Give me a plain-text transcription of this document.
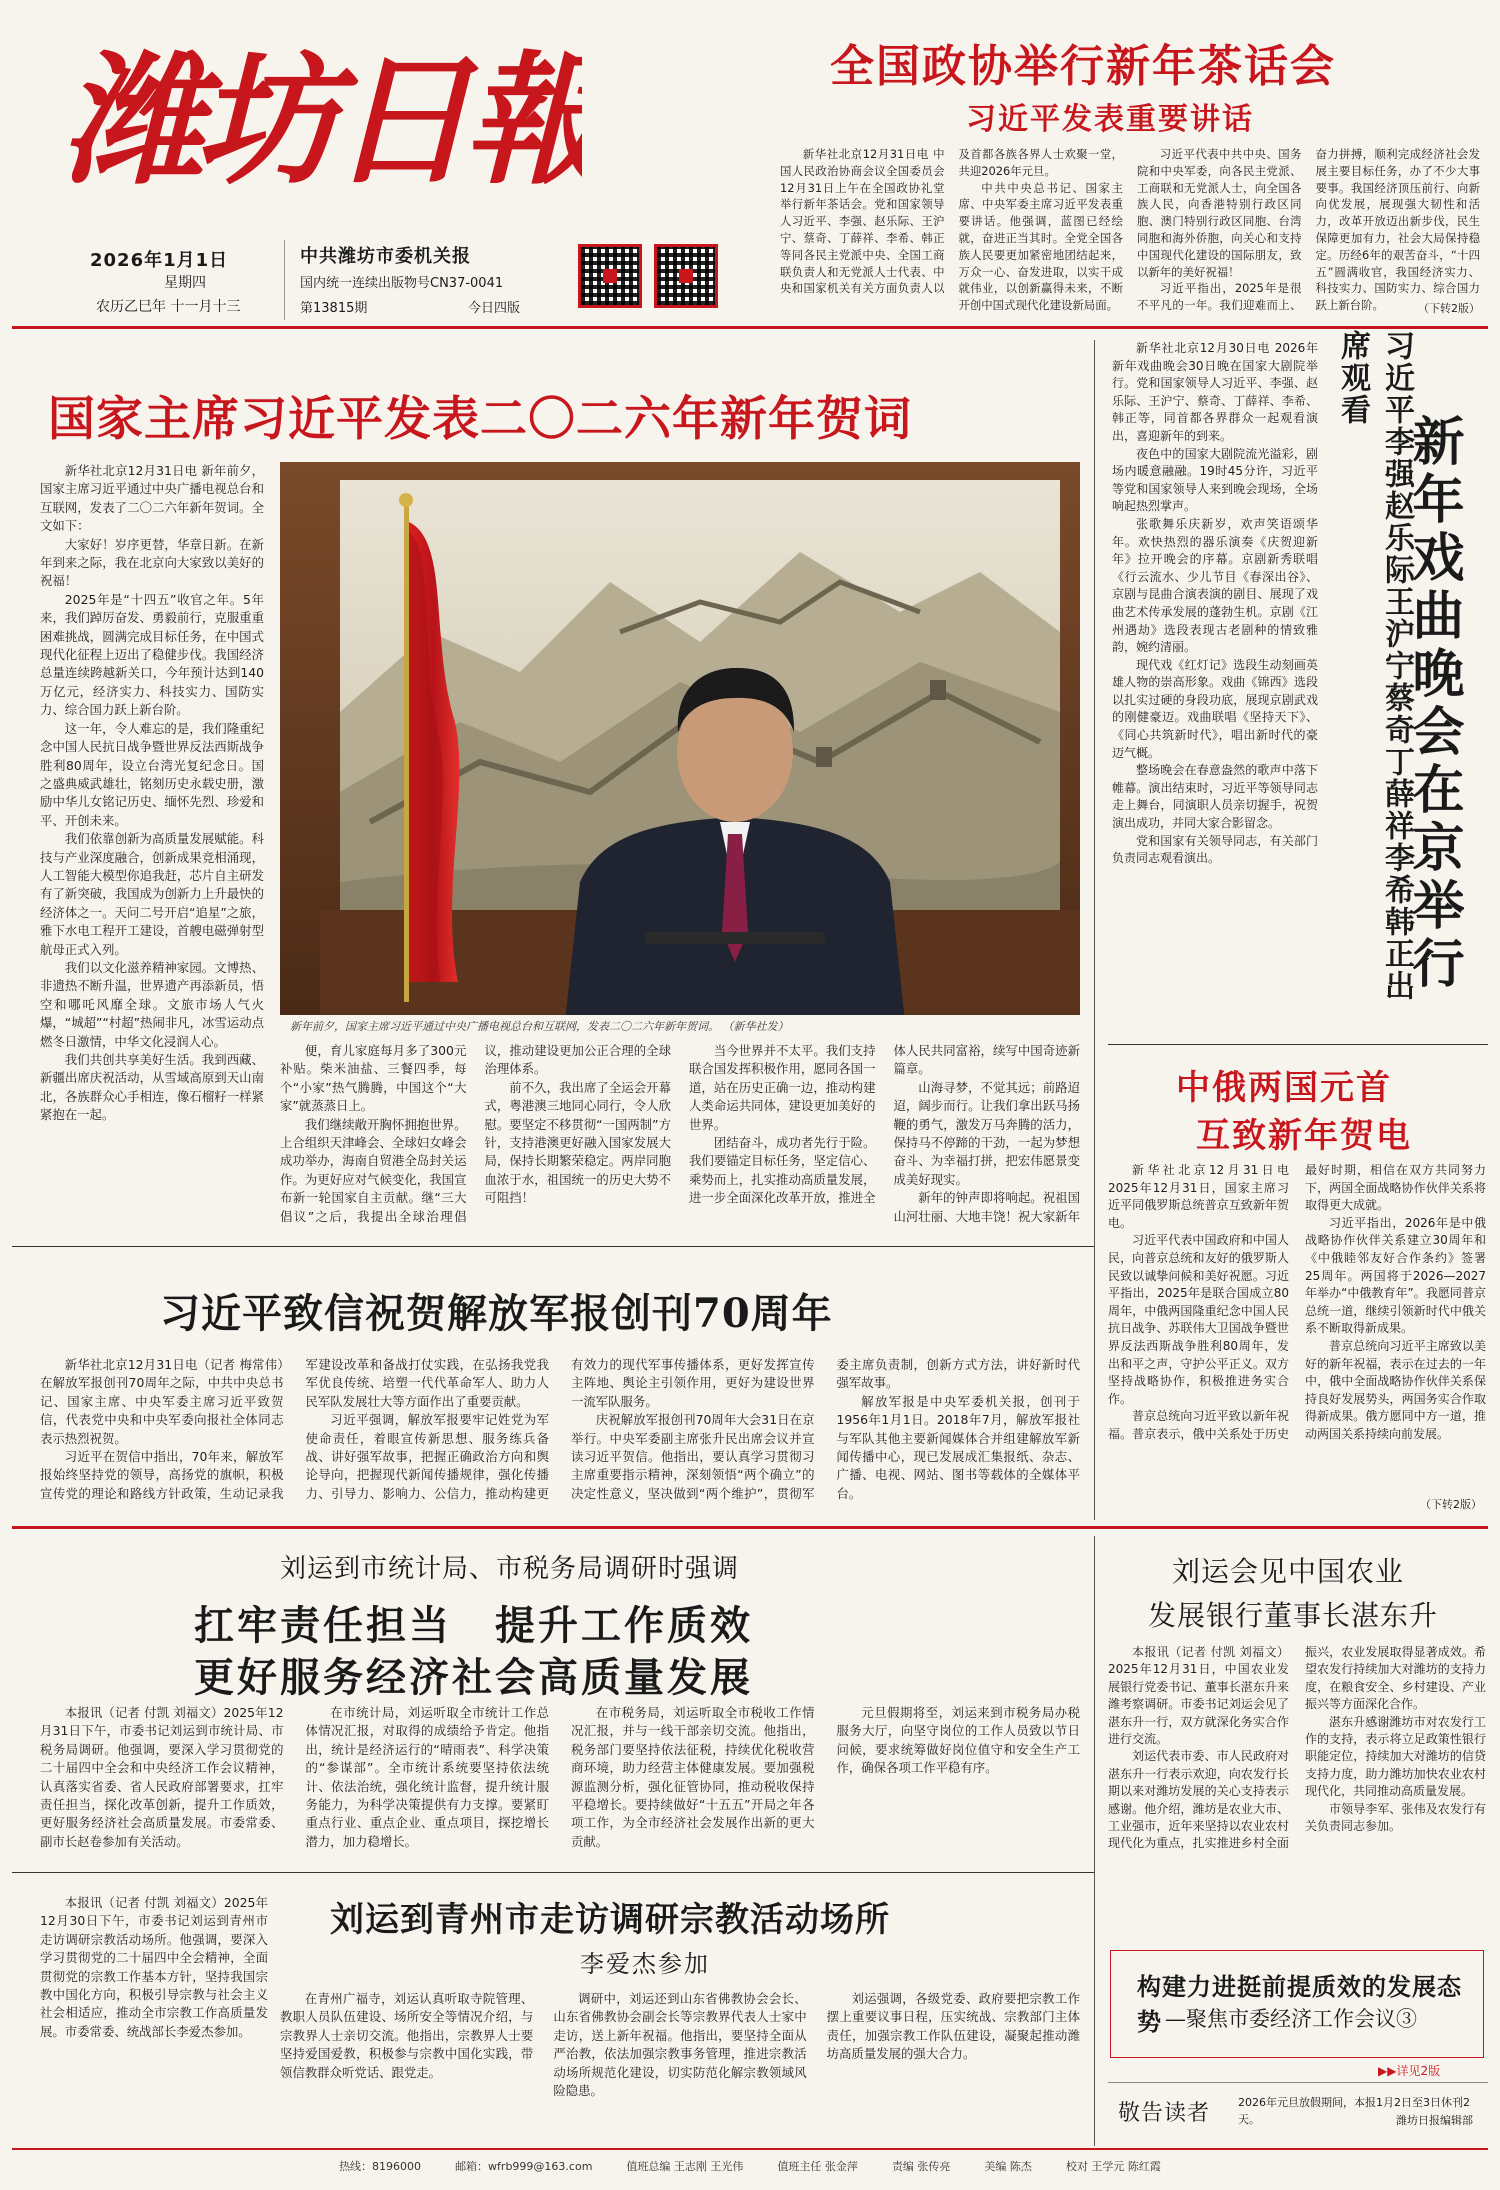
潍坊日報
2026年1月1日
星期四
农历乙巳年 十一月十三
中共潍坊市委机关报
国内统一连续出版物号CN37-0041
第13815期	今日四版
全国政协举行新年茶话会
习近平发表重要讲话

新华社北京12月31日电 中国人民政治协商会议全国委员会12月31日上午在全国政协礼堂举行新年茶话会。党和国家领导人习近平、李强、赵乐际、王沪宁、蔡奇、丁薛祥、李希、韩正等同各民主党派中央、全国工商联负责人和无党派人士代表、中央和国家机关有关方面负责人以及首都各族各界人士欢聚一堂，共迎2026年元旦。

中共中央总书记、国家主席、中央军委主席习近平发表重要讲话。他强调，蓝图已经绘就，奋进正当其时。全党全国各族人民要更加紧密地团结起来，万众一心、奋发进取，以实干成就伟业，以创新赢得未来，不断开创中国式现代化建设新局面。

习近平代表中共中央、国务院和中央军委，向各民主党派、工商联和无党派人士，向全国各族人民，向香港特别行政区同胞、澳门特别行政区同胞、台湾同胞和海外侨胞，向关心和支持中国现代化建设的国际朋友，致以新年的美好祝福！

习近平指出，2025年是很不平凡的一年。我们迎难而上、奋力拼搏，顺利完成经济社会发展主要目标任务，办了不少大事要事。我国经济顶压前行、向新向优发展，展现强大韧性和活力，改革开放迈出新步伐，民生保障更加有力，社会大局保持稳定。历经6年的艰苦奋斗，“十四五”圆满收官，我国经济实力、科技实力、国防实力、综合国力跃上新台阶。	（下转2版）
国家主席习近平发表二〇二六年新年贺词

新华社北京12月31日电 新年前夕，国家主席习近平通过中央广播电视总台和互联网，发表了二〇二六年新年贺词。全文如下：

大家好！岁序更替，华章日新。在新年到来之际，我在北京向大家致以美好的祝福！

2025年是“十四五”收官之年。5年来，我们踔厉奋发、勇毅前行，克服重重困难挑战，圆满完成目标任务，在中国式现代化征程上迈出了稳健步伐。我国经济总量连续跨越新关口，今年预计达到140万亿元，经济实力、科技实力、国防实力、综合国力跃上新台阶。

这一年，令人难忘的是，我们隆重纪念中国人民抗日战争暨世界反法西斯战争胜利80周年，设立台湾光复纪念日。国之盛典威武雄壮，铭刻历史永载史册，激励中华儿女铭记历史、缅怀先烈、珍爱和平、开创未来。

我们依靠创新为高质量发展赋能。科技与产业深度融合，创新成果竞相涌现，人工智能大模型你追我赶，芯片自主研发有了新突破，我国成为创新力上升最快的经济体之一。天问二号开启“追星”之旅，雅下水电工程开工建设，首艘电磁弹射型航母正式入列。

我们以文化滋养精神家园。文博热、非遗热不断升温，世界遗产再添新员，悟空和哪吒风靡全球。文旅市场人气火爆，“城超”“村超”热闹非凡，冰雪运动点燃冬日激情，中华文化浸润人心。

我们共创共享美好生活。我到西藏、新疆出席庆祝活动，从雪域高原到天山南北，各族群众心手相连，像石榴籽一样紧紧抱在一起。

新年前夕，国家主席习近平通过中央广播电视总台和互联网，发表二〇二六年新年贺词。 （新华社发）

便，育儿家庭每月多了300元补贴。柴米油盐、三餐四季，每个“小家”热气腾腾，中国这个“大家”就蒸蒸日上。

我们继续敞开胸怀拥抱世界。上合组织天津峰会、全球妇女峰会成功举办，海南自贸港全岛封关运作。为更好应对气候变化，我国宣布新一轮国家自主贡献。继“三大倡议”之后，我提出全球治理倡议，推动建设更加公正合理的全球治理体系。

前不久，我出席了全运会开幕式，粤港澳三地同心同行，令人欣慰。要坚定不移贯彻“一国两制”方针，支持港澳更好融入国家发展大局，保持长期繁荣稳定。两岸同胞血浓于水，祖国统一的历史大势不可阻挡！

当今世界并不太平。我们支持联合国发挥积极作用，愿同各国一道，站在历史正确一边，推动构建人类命运共同体，建设更加美好的世界。

团结奋斗，成功者先行于险。我们要锚定目标任务，坚定信心、乘势而上，扎实推动高质量发展，进一步全面深化改革开放，推进全体人民共同富裕，续写中国奇迹新篇章。

山海寻梦，不觉其远；前路迢迢，阔步而行。让我们拿出跃马扬鞭的勇气，激发万马奔腾的活力，保持马不停蹄的干劲，一起为梦想奋斗、为幸福打拼，把宏伟愿景变成美好现实。

新年的钟声即将响起。祝祖国山河壮丽、大地丰饶！祝大家新年

新华社北京12月30日电 2026年新年戏曲晚会30日晚在国家大剧院举行。党和国家领导人习近平、李强、赵乐际、王沪宁、蔡奇、丁薛祥、李希、韩正等，同首都各界群众一起观看演出，喜迎新年的到来。

夜色中的国家大剧院流光溢彩，剧场内暖意融融。19时45分许，习近平等党和国家领导人来到晚会现场，全场响起热烈掌声。

张歌舞乐庆新岁，欢声笑语颂华年。欢快热烈的器乐演奏《庆贺迎新年》拉开晚会的序幕。京剧新秀联唱《行云流水、少儿节目《春深出谷》、京剧与昆曲合演表演的剧目、展现了戏曲艺术传承发展的蓬勃生机。京剧《江州遇劫》选段表现古老剧种的情致雅韵，婉约清丽。

现代戏《红灯记》选段生动刻画英雄人物的崇高形象。戏曲《锦西》选段以扎实过硬的身段功底，展现京剧武戏的刚健豪迈。戏曲联唱《坚持天下》、《同心共筑新时代》，唱出新时代的豪迈气概。

整场晚会在春意盎然的歌声中落下帷幕。演出结束时，习近平等领导同志走上舞台，同演职人员亲切握手，祝贺演出成功，并同大家合影留念。

党和国家有关领导同志，有关部门负责同志观看演出。	习近平李强赵乐际王沪宁蔡奇丁薛祥李希韩正出席观看
新年戏曲晚会在京举行
中俄两国元首
互致新年贺电

新华社北京12月31日电 2025年12月31日，国家主席习近平同俄罗斯总统普京互致新年贺电。

习近平代表中国政府和中国人民，向普京总统和友好的俄罗斯人民致以诚挚问候和美好祝愿。习近平指出，2025年是联合国成立80周年，中俄两国隆重纪念中国人民抗日战争、苏联伟大卫国战争暨世界反法西斯战争胜利80周年，发出和平之声，守护公平正义。双方坚持战略协作，积极推进务实合作。

普京总统向习近平致以新年祝福。普京表示，俄中关系处于历史最好时期，相信在双方共同努力下，两国全面战略协作伙伴关系将取得更大成就。

习近平指出，2026年是中俄战略协作伙伴关系建立30周年和《中俄睦邻友好合作条约》签署25周年。两国将于2026—2027年举办“中俄教育年”。我愿同普京总统一道，继续引领新时代中俄关系不断取得新成果。

普京总统向习近平主席致以美好的新年祝福，表示在过去的一年中，俄中全面战略协作伙伴关系保持良好发展势头，两国务实合作取得新成果。俄方愿同中方一道，推动两国关系持续向前发展。

（下转2版）
习近平致信祝贺解放军报创刊70周年

新华社北京12月31日电（记者 梅常伟）在解放军报创刊70周年之际，中共中央总书记、国家主席、中央军委主席习近平致贺信，代表党中央和中央军委向报社全体同志表示热烈祝贺。

习近平在贺信中指出，70年来，解放军报始终坚持党的领导，高扬党的旗帜，积极宣传党的理论和路线方针政策，生动记录我军建设改革和备战打仗实践，在弘扬我党我军优良传统、培塑一代代革命军人、助力人民军队发展壮大等方面作出了重要贡献。

习近平强调，解放军报要牢记姓党为军使命责任，着眼宣传新思想、服务练兵备战、讲好强军故事，把握正确政治方向和舆论导向，把握现代新闻传播规律，强化传播力、引导力、影响力、公信力，推动构建更有效力的现代军事传播体系，更好发挥宣传主阵地、舆论主引领作用，更好为建设世界一流军队服务。

庆祝解放军报创刊70周年大会31日在京举行。中央军委副主席张升民出席会议并宣读习近平贺信。他指出，要认真学习贯彻习主席重要指示精神，深刻领悟“两个确立”的决定性意义，坚决做到“两个维护”，贯彻军委主席负责制，创新方式方法，讲好新时代强军故事。

解放军报是中央军委机关报，创刊于1956年1月1日。2018年7月，解放军报社与军队其他主要新闻媒体合并组建解放军新闻传播中心，现已发展成汇集报纸、杂志、广播、电视、网站、图书等载体的全媒体平台。

刘运到市统计局、市税务局调研时强调
扛牢责任担当　提升工作质效
更好服务经济社会高质量发展

本报讯（记者 付凯 刘福文）2025年12月31日下午，市委书记刘运到市统计局、市税务局调研。他强调，要深入学习贯彻党的二十届四中全会和中央经济工作会议精神，认真落实省委、省人民政府部署要求，扛牢责任担当，探化改革创新，提升工作质效，更好服务经济社会高质量发展。市委常委、副市长赵卷参加有关活动。

在市统计局，刘运听取全市统计工作总体情况汇报，对取得的成绩给予肯定。他指出，统计是经济运行的“晴雨表”、科学决策的“参谋部”。全市统计系统要坚持依法统计、依法治统，强化统计监督，提升统计服务能力，为科学决策提供有力支撑。要紧盯重点行业、重点企业、重点项目，探挖增长潜力，加力稳增长。

在市税务局，刘运听取全市税收工作情况汇报，并与一线干部亲切交流。他指出，税务部门要坚持依法征税，持续优化税收营商环境，助力经营主体健康发展。要加强税源监测分析，强化征管协同，推动税收保持平稳增长。要持续做好“十五五”开局之年各项工作，为全市经济社会发展作出新的更大贡献。

元旦假期将至，刘运来到市税务局办税服务大厅，向坚守岗位的工作人员致以节日问候，要求统筹做好岗位值守和安全生产工作，确保各项工作平稳有序。

本报讯（记者 付凯 刘福文）2025年12月30日下午，市委书记刘运到青州市走访调研宗教活动场所。他强调，要深入学习贯彻党的二十届四中全会精神，全面贯彻党的宗教工作基本方针，坚持我国宗教中国化方向，积极引导宗教与社会主义社会相适应，推动全市宗教工作高质量发展。市委常委、统战部长李爱杰参加。

刘运到青州市走访调研宗教活动场所
李爱杰参加

在青州广福寺，刘运认真听取寺院管理、教职人员队伍建设、场所安全等情况介绍，与宗教界人士亲切交流。他指出，宗教界人士要坚持爱国爱教，积极参与宗教中国化实践，带领信教群众听党话、跟党走。

调研中，刘运还到山东省佛教协会会长、山东省佛教协会副会长等宗教界代表人士家中走访，送上新年祝福。他指出，要坚持全面从严治教，依法加强宗教事务管理，推进宗教活动场所规范化建设，切实防范化解宗教领域风险隐患。

刘运强调，各级党委、政府要把宗教工作摆上重要议事日程，压实统战、宗教部门主体责任，加强宗教工作队伍建设，凝聚起推动潍坊高质量发展的强大合力。

刘运会见中国农业
发展银行董事长湛东升

本报讯（记者 付凯 刘福文）2025年12月31日，中国农业发展银行党委书记、董事长湛东升来潍考察调研。市委书记刘运会见了湛东升一行，双方就深化务实合作进行交流。

刘运代表市委、市人民政府对湛东升一行表示欢迎，向农发行长期以来对潍坊发展的关心支持表示感谢。他介绍，潍坊是农业大市、工业强市，近年来坚持以农业农村现代化为重点，扎实推进乡村全面振兴，农业发展取得显著成效。希望农发行持续加大对潍坊的支持力度，在粮食安全、乡村建设、产业振兴等方面深化合作。

湛东升感谢潍坊市对农发行工作的支持，表示将立足政策性银行职能定位，持续加大对潍坊的信贷支持力度，助力潍坊加快农业农村现代化，共同推动高质量发展。

市领导李军、张伟及农发行有关负责同志参加。

构建力进挺前提质效的发展态势 —聚焦市委经济工作会议③
▶▶详见2版
敬告读者	2026年元旦放假期间，本报1月2日至3日休刊2天。	潍坊日报编辑部
热线：8196000	邮箱：wfrb999@163.com	值班总编 王志刚 王光伟	值班主任 张金萍	责编 张传亮	美编 陈杰	校对 王学元 陈红霞
